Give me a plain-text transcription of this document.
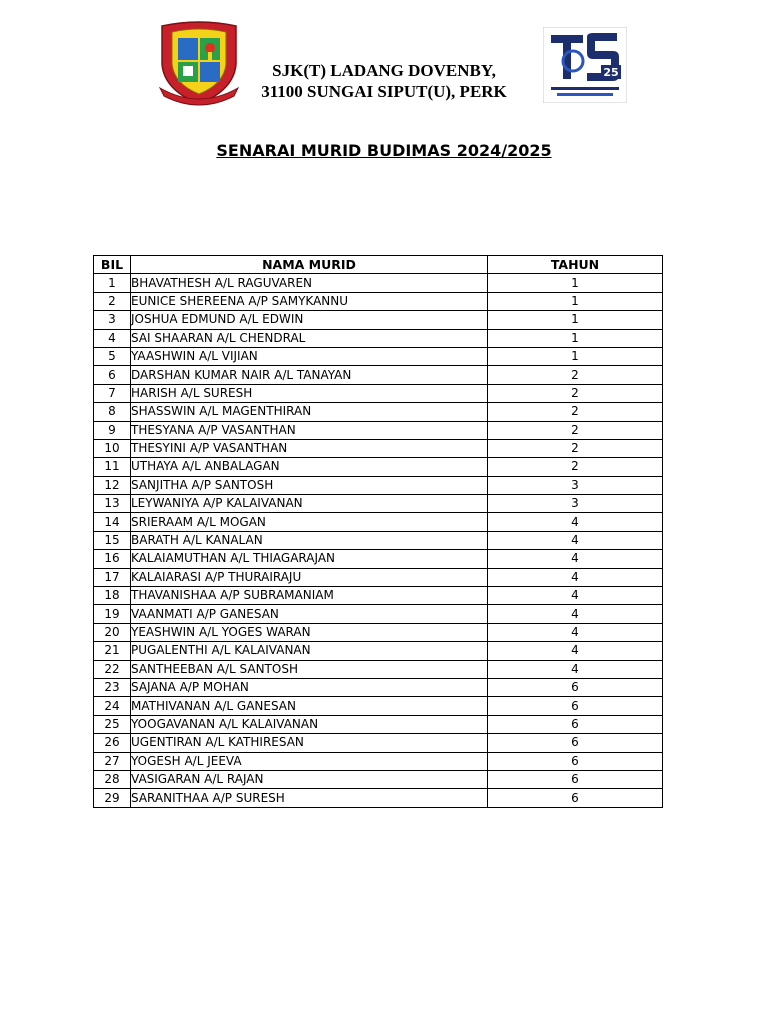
25
SJK(T) LADANG DOVENBY,
31100 SUNGAI SIPUT(U), PERK
SENARAI MURID BUDIMAS 2024/2025
BIL	NAMA MURID	TAHUN
1	BHAVATHESH A/L RAGUVAREN	1
2	EUNICE SHEREENA A/P SAMYKANNU	1
3	JOSHUA EDMUND A/L EDWIN	1
4	SAI SHAARAN A/L CHENDRAL	1
5	YAASHWIN A/L VIJIAN	1
6	DARSHAN KUMAR NAIR A/L TANAYAN	2
7	HARISH A/L SURESH	2
8	SHASSWIN A/L MAGENTHIRAN	2
9	THESYANA A/P VASANTHAN	2
10	THESYINI A/P VASANTHAN	2
11	UTHAYA A/L ANBALAGAN	2
12	SANJITHA A/P SANTOSH	3
13	LEYWANIYA A/P KALAIVANAN	3
14	SRIERAAM A/L MOGAN	4
15	BARATH A/L KANALAN	4
16	KALAIAMUTHAN A/L THIAGARAJAN	4
17	KALAIARASI A/P THURAIRAJU	4
18	THAVANISHAA A/P SUBRAMANIAM	4
19	VAANMATI A/P GANESAN	4
20	YEASHWIN A/L YOGES WARAN	4
21	PUGALENTHI A/L KALAIVANAN	4
22	SANTHEEBAN A/L SANTOSH	4
23	SAJANA A/P MOHAN	6
24	MATHIVANAN A/L GANESAN	6
25	YOOGAVANAN A/L KALAIVANAN	6
26	UGENTIRAN A/L KATHIRESAN	6
27	YOGESH A/L JEEVA	6
28	VASIGARAN A/L RAJAN	6
29	SARANITHAA A/P SURESH	6
